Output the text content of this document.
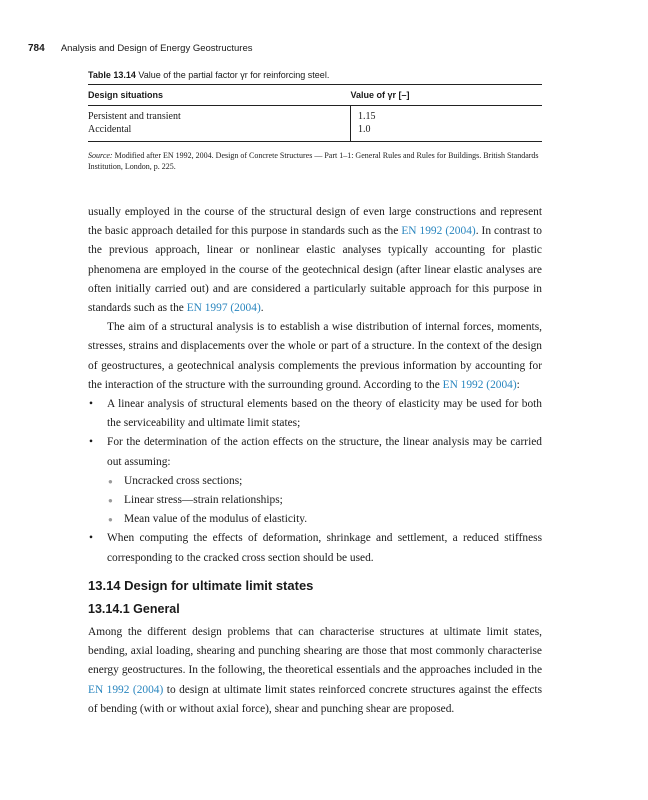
784 Analysis and Design of Energy Geostructures

Table 13.14 Value of the partial factor γr for reinforcing steel.

Design situations	Value of γr [–]
Persistent and transient	1.15
Accidental	1.0
Source: Modified after EN 1992, 2004. Design of Concrete Structures — Part 1–1: General Rules and Rules for Buildings. British Standards Institution, London, p. 225.

usually employed in the course of the structural design of even large constructions and represent the basic approach detailed for this purpose in standards such as the EN 1992 (2004). In contrast to the previous approach, linear or nonlinear elastic analyses typically accounting for plastic phenomena are employed in the course of the geotechnical design (after linear elastic analyses are often initially carried out) and are considered a particularly suitable approach for this purpose in standards such as the EN 1997 (2004).

The aim of a structural analysis is to establish a wise distribution of internal forces, moments, stresses, strains and displacements over the whole or part of a structure. In the context of the design of geostructures, a geotechnical analysis complements the previous information by accounting for the interaction of the structure with the surrounding ground. According to the EN 1992 (2004):

• A linear analysis of structural elements based on the theory of elasticity may be used for both the serviceability and ultimate limit states;
• For the determination of the action effects on the structure, the linear analysis may be carried out assuming:
● Uncracked cross sections;
● Linear stress—strain relationships;
● Mean value of the modulus of elasticity.
• When computing the effects of deformation, shrinkage and settlement, a reduced stiffness corresponding to the cracked cross section should be used.
13.14 Design for ultimate limit states
13.14.1 General

Among the different design problems that can characterise structures at ultimate limit states, bending, axial loading, shearing and punching shearing are those that most commonly characterise energy geostructures. In the following, the theoretical essentials and the approaches included in the EN 1992 (2004) to design at ultimate limit states reinforced concrete structures against the effects of bending (with or without axial force), shear and punching shear are proposed.
